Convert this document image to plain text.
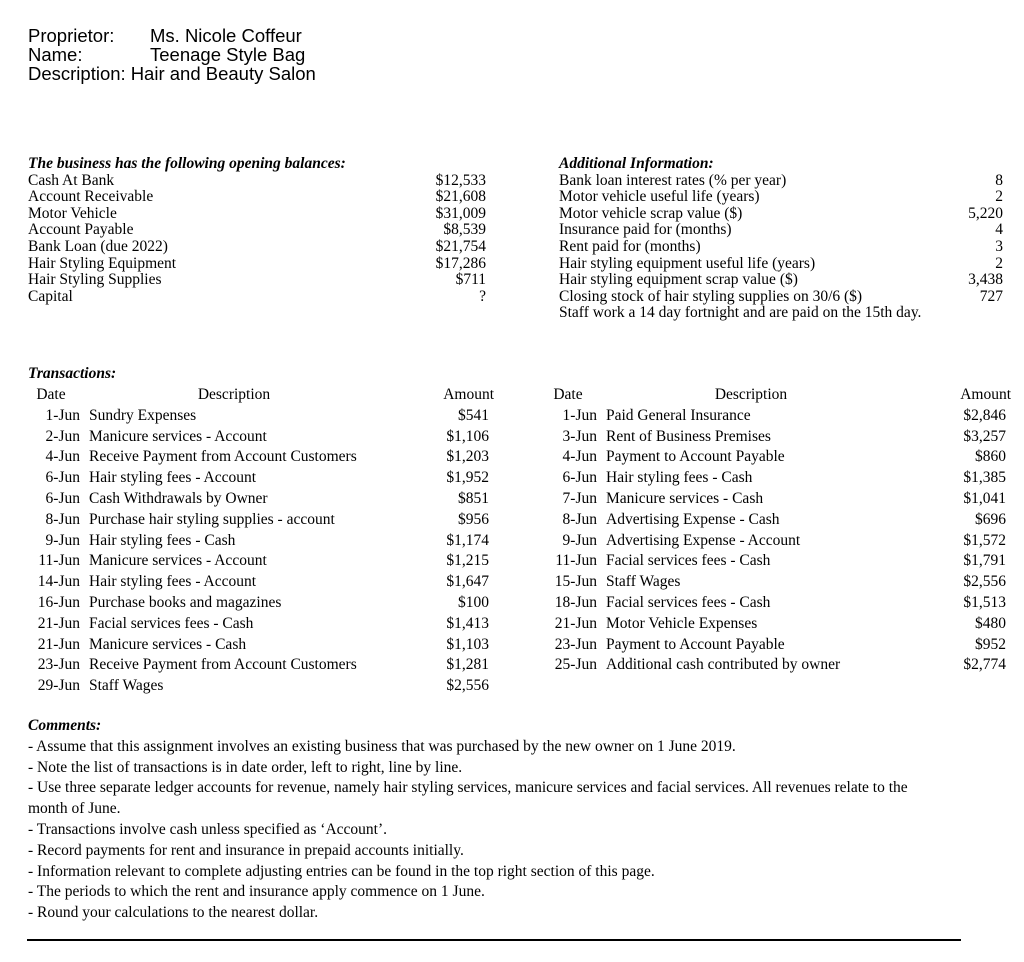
Proprietor:	Ms. Nicole Coffeur
Name:	Teenage Style Bag
Description: Hair and Beauty Salon
The business has the following opening balances:
Cash At Bank	$12,533
Account Receivable	$21,608
Motor Vehicle	$31,009
Account Payable	$8,539
Bank Loan (due 2022)	$21,754
Hair Styling Equipment	$17,286
Hair Styling Supplies	$711
Capital	?
Additional Information:
Bank loan interest rates (% per year)	8
Motor vehicle useful life (years)	2
Motor vehicle scrap value ($)	5,220
Insurance paid for (months)	4
Rent paid for (months)	3
Hair styling equipment useful life (years)	2
Hair styling equipment scrap value ($)	3,438
Closing stock of hair styling supplies on 30/6 ($)	727
Staff work a 14 day fortnight and are paid on the 15th day.
Transactions:
Date	Description	Amount
1-Jun Sundry Expenses	$541
2-Jun Manicure services - Account	$1,106
4-Jun Receive Payment from Account Customers	$1,203
6-Jun Hair styling fees - Account	$1,952
6-Jun Cash Withdrawals by Owner	$851
8-Jun Purchase hair styling supplies - account	$956
9-Jun Hair styling fees - Cash	$1,174
11-Jun Manicure services - Account	$1,215
14-Jun Hair styling fees - Account	$1,647
16-Jun Purchase books and magazines	$100
21-Jun Facial services fees - Cash	$1,413
21-Jun Manicure services - Cash	$1,103
23-Jun Receive Payment from Account Customers	$1,281
29-Jun Staff Wages	$2,556
Date	Description	Amount
1-Jun Paid General Insurance	$2,846
3-Jun Rent of Business Premises	$3,257
4-Jun Payment to Account Payable	$860
6-Jun Hair styling fees - Cash	$1,385
7-Jun Manicure services - Cash	$1,041
8-Jun Advertising Expense - Cash	$696
9-Jun Advertising Expense - Account	$1,572
11-Jun Facial services fees - Cash	$1,791
15-Jun Staff Wages	$2,556
18-Jun Facial services fees - Cash	$1,513
21-Jun Motor Vehicle Expenses	$480
23-Jun Payment to Account Payable	$952
25-Jun Additional cash contributed by owner	$2,774
Comments:
- Assume that this assignment involves an existing business that was purchased by the new owner on 1 June 2019.
- Note the list of transactions is in date order, left to right, line by line.
- Use three separate ledger accounts for revenue, namely hair styling services, manicure services and facial services. All revenues relate to the month of June.
- Transactions involve cash unless specified as ‘Account’.
- Record payments for rent and insurance in prepaid accounts initially.
- Information relevant to complete adjusting entries can be found in the top right section of this page.
- The periods to which the rent and insurance apply commence on 1 June.
- Round your calculations to the nearest dollar.
